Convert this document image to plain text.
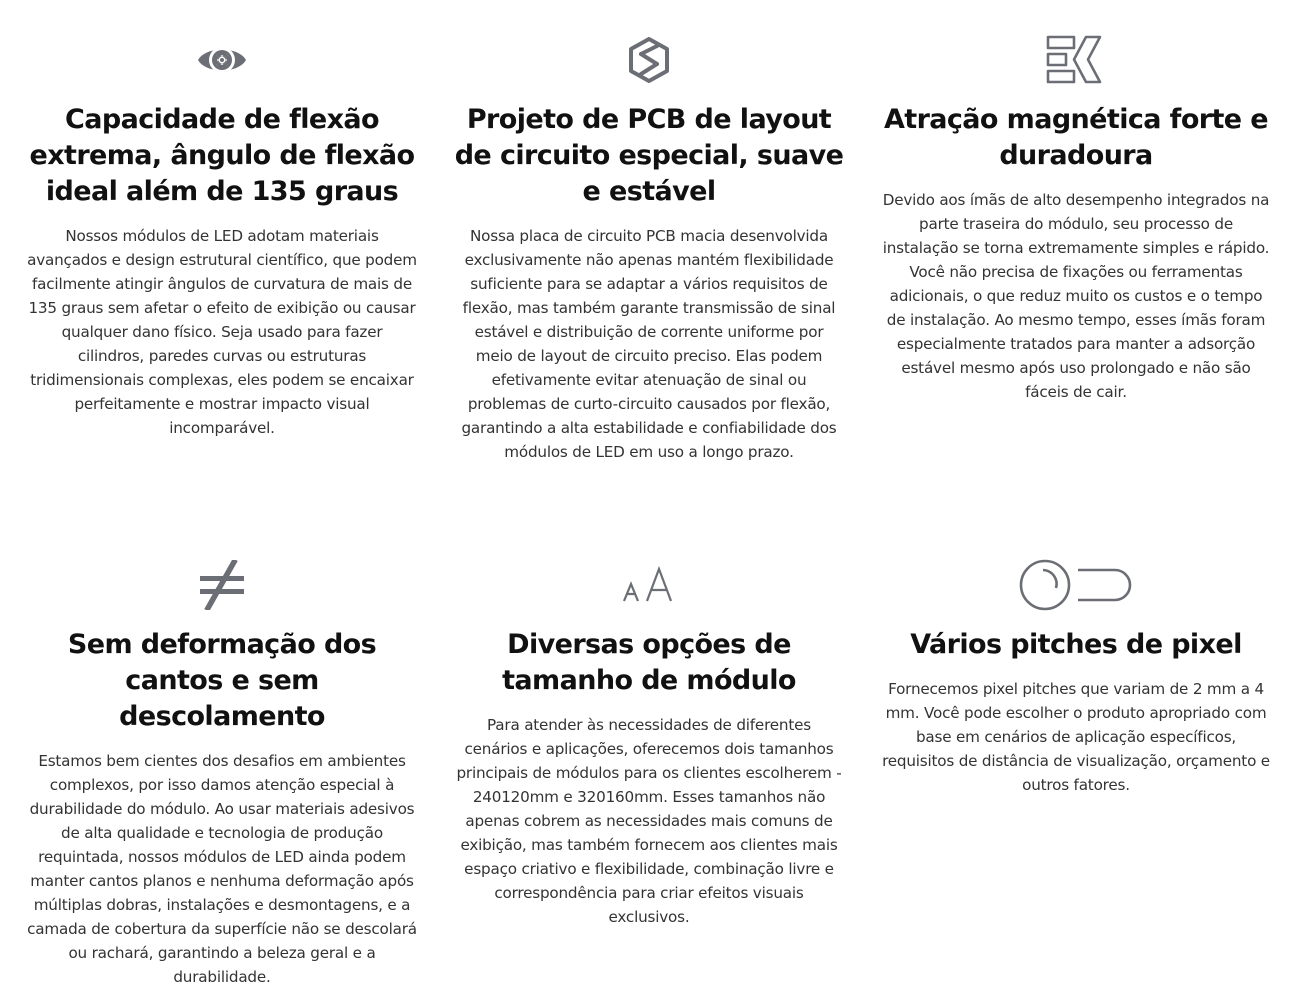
Capacidade de flexão extrema, ângulo de flexão ideal além de 135 graus

Nossos módulos de LED adotam materiais avançados e design estrutural científico, que podem facilmente atingir ângulos de curvatura de mais de 135 graus sem afetar o efeito de exibição ou causar qualquer dano físico. Seja usado para fazer cilindros, paredes curvas ou estruturas tridimensionais complexas, eles podem se encaixar perfeitamente e mostrar impacto visual incomparável.

Projeto de PCB de layout de circuito especial, suave e estável

Nossa placa de circuito PCB macia desenvolvida exclusivamente não apenas mantém flexibilidade suficiente para se adaptar a vários requisitos de flexão, mas também garante transmissão de sinal estável e distribuição de corrente uniforme por meio de layout de circuito preciso. Elas podem efetivamente evitar atenuação de sinal ou problemas de curto-circuito causados por flexão, garantindo a alta estabilidade e confiabilidade dos módulos de LED em uso a longo prazo.

Atração magnética forte e duradoura

Devido aos ímãs de alto desempenho integrados na parte traseira do módulo, seu processo de instalação se torna extremamente simples e rápido. Você não precisa de fixações ou ferramentas adicionais, o que reduz muito os custos e o tempo de instalação. Ao mesmo tempo, esses ímãs foram especialmente tratados para manter a adsorção estável mesmo após uso prolongado e não são fáceis de cair.

Sem deformação dos cantos e sem descolamento

Estamos bem cientes dos desafios em ambientes complexos, por isso damos atenção especial à durabilidade do módulo. Ao usar materiais adesivos de alta qualidade e tecnologia de produção requintada, nossos módulos de LED ainda podem manter cantos planos e nenhuma deformação após múltiplas dobras, instalações e desmontagens, e a camada de cobertura da superfície não se descolará ou rachará, garantindo a beleza geral e a durabilidade.

Diversas opções de tamanho de módulo

Para atender às necessidades de diferentes cenários e aplicações, oferecemos dois tamanhos principais de módulos para os clientes escolherem - 240120mm e 320160mm. Esses tamanhos não apenas cobrem as necessidades mais comuns de exibição, mas também fornecem aos clientes mais espaço criativo e flexibilidade, combinação livre e correspondência para criar efeitos visuais exclusivos.

Vários pitches de pixel

Fornecemos pixel pitches que variam de 2 mm a 4 mm. Você pode escolher o produto apropriado com base em cenários de aplicação específicos, requisitos de distância de visualização, orçamento e outros fatores.
